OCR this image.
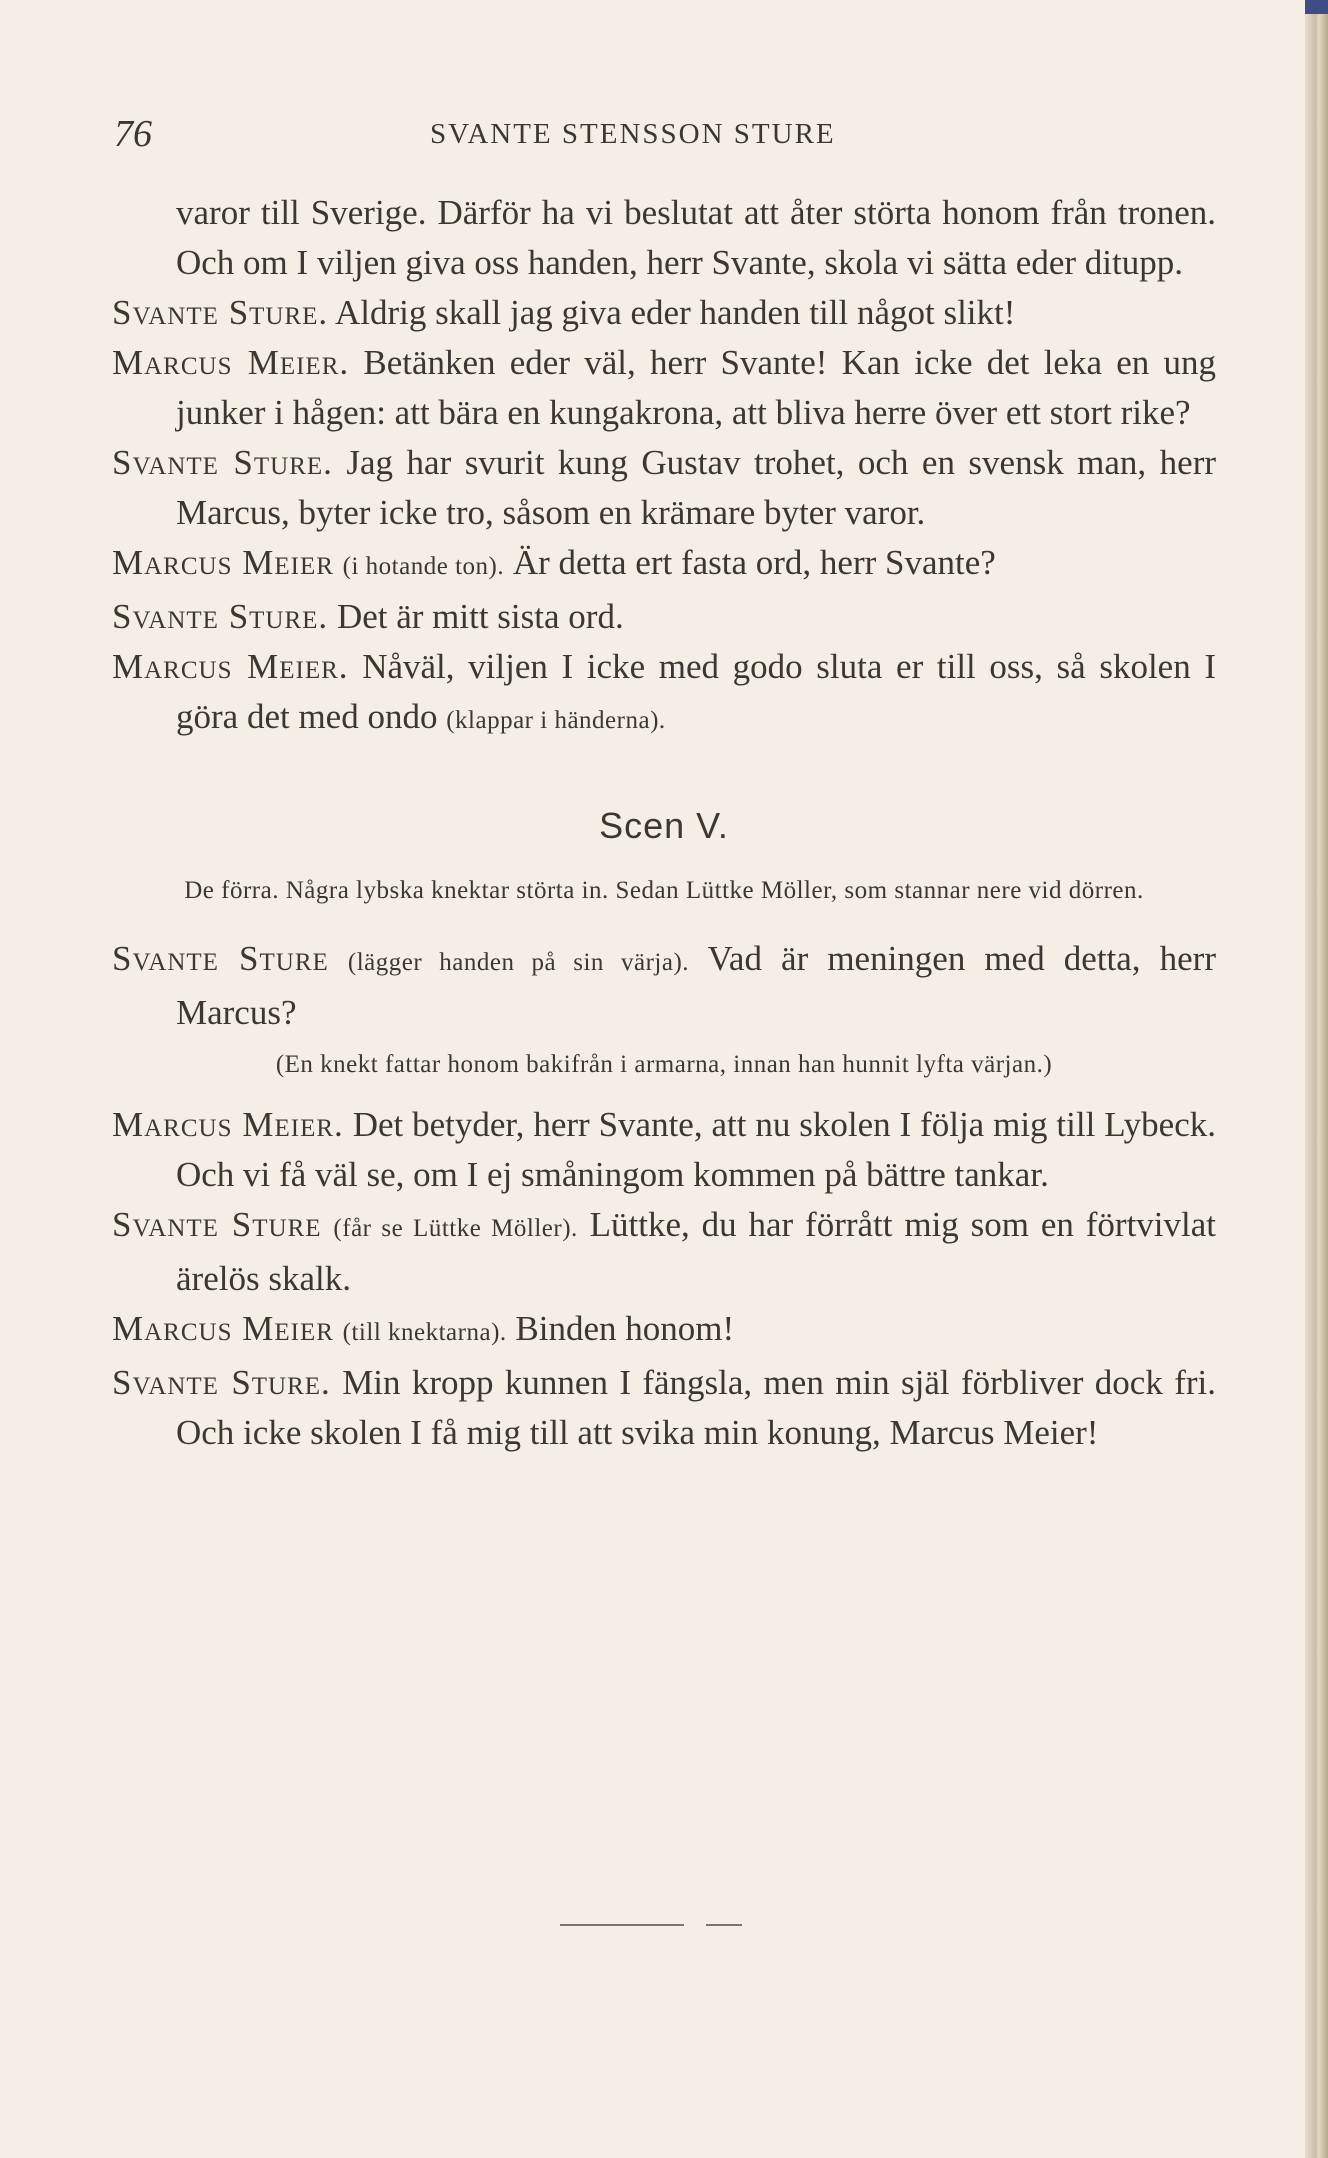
76	SVANTE STENSSON STURE

varor till Sverige. Därför ha vi beslutat att åter störta honom från tronen. Och om I viljen giva oss handen, herr Svante, skola vi sätta eder ditupp.

Svante Sture. Aldrig skall jag giva eder handen till något slikt!

Marcus Meier. Betänken eder väl, herr Svante! Kan icke det leka en ung junker i hågen: att bära en kungakrona, att bliva herre över ett stort rike?

Svante Sture. Jag har svurit kung Gustav trohet, och en svensk man, herr Marcus, byter icke tro, såsom en krämare byter varor.

Marcus Meier (i hotande ton). Är detta ert fasta ord, herr Svante?

Svante Sture. Det är mitt sista ord.

Marcus Meier. Nåväl, viljen I icke med godo sluta er till oss, så skolen I göra det med ondo (klappar i händerna).

Scen V.
De förra. Några lybska knektar störta in. Sedan Lüttke Möller, som stannar nere vid dörren.

Svante Sture (lägger handen på sin värja). Vad är meningen med detta, herr Marcus?

(En knekt fattar honom bakifrån i armarna, innan han hunnit lyfta värjan.)

Marcus Meier. Det betyder, herr Svante, att nu skolen I följa mig till Lybeck. Och vi få väl se, om I ej småningom kommen på bättre tankar.

Svante Sture (får se Lüttke Möller). Lüttke, du har förrått mig som en förtvivlat ärelös skalk.

Marcus Meier (till knektarna). Binden honom!

Svante Sture. Min kropp kunnen I fängsla, men min själ förbliver dock fri. Och icke skolen I få mig till att svika min konung, Marcus Meier!
